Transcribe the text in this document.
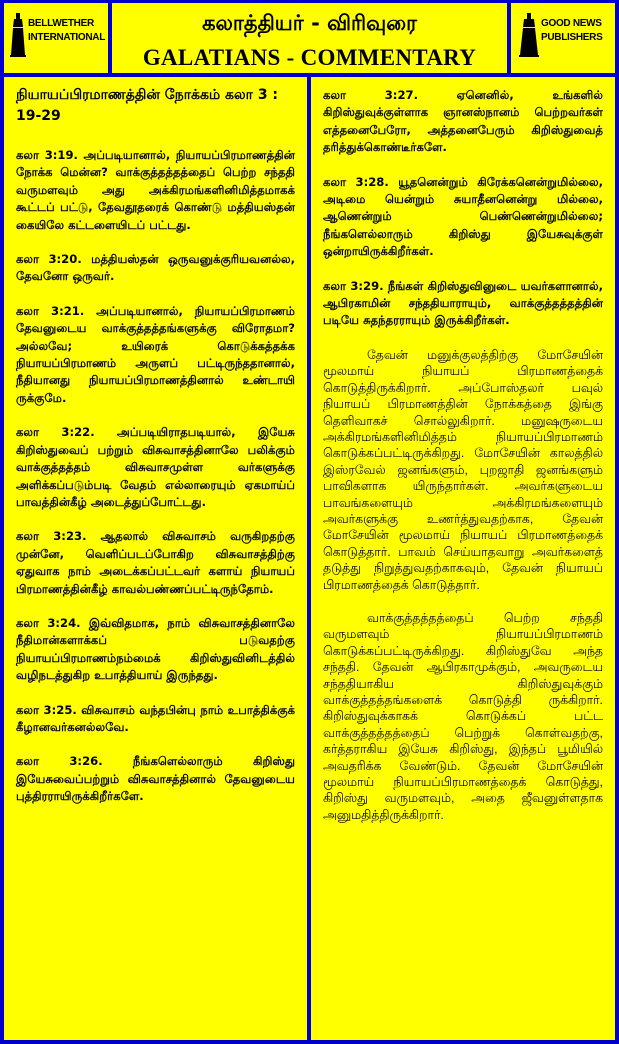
BELLWETHER INTERNATIONAL
கலாத்தியர் - விரிவுரை
GALATIANS - COMMENTARY
GOOD NEWS PUBLISHERS
நியாயப்பிரமாணத்தின் நோக்கம் கலா 3 : 19-29

கலா 3:19. அப்படியானால், நியாயப்பிரமாணத்தின் நோக்க மென்ன? வாக்குத்தத்தத்தைப் பெற்ற சந்ததி வருமளவும் அது அக்கிரமங்களினிமித்தமாகக் கூட்டப் பட்டு, தேவதூதரைக் கொண்டு மத்தியஸ்தன் கையிலே கட்டளையிடப் பட்டது.

கலா 3:20. மத்தியஸ்தன் ஒருவனுக்குரியவனல்ல, தேவனோ ஒருவர்.

கலா 3:21. அப்படியானால், நியாயப்பிரமாணம் தேவனுடைய வாக்குத்தத்தங்களுக்கு விரோதமா? அல்லவே; உயிரைக் கொடுக்கத்தக்க நியாயப்பிரமாணம் அருளப் பட்டிருந்ததானால், நீதியானது நியாயப்பிரமாணத்தினால் உண்டாயி ருக்குமே.

கலா 3:22. அப்படியிராதபடியால், இயேசு கிறிஸ்துவைப் பற்றும் விசுவாசத்தினாலே பலிக்கும் வாக்குத்தத்தம் விசுவாசமுள்ள வர்களுக்கு அளிக்கப்படும்படி வேதம் எல்லாரையும் ஏகமாய்ப் பாவத்தின்கீழ் அடைத்துப்போட்டது.

கலா 3:23. ஆதலால் விசுவாசம் வருகிறதற்கு முன்னே, வெளிப்படப்போகிற விசுவாசத்திற்கு ஏதுவாக நாம் அடைக்கப்பட்டவர் களாய் நியாயப் பிரமாணத்தின்கீழ் காவல்பண்ணப்பட்டிருந்தோம்.

கலா 3:24. இவ்விதமாக, நாம் விசுவாசத்தினாலே நீதிமான்களாக்கப் படுவதற்கு நியாயப்பிரமாணம்நம்மைக் கிறிஸ்துவினிடத்தில் வழிநடத்துகிற உபாத்தியாய் இருந்தது.

கலா 3:25. விசுவாசம் வந்தபின்பு நாம் உபாத்திக்குக் கீழானவர்கனல்லவே.

கலா 3:26. நீங்களெல்லாரும் கிறிஸ்து இயேசுவைப்பற்றும் விசுவாசத்தினால் தேவனுடைய புத்திரராயிருக்கிறீர்களே.

கலா 3:27. ஏனெனில், உங்களில் கிறிஸ்துவுக்குள்ளாக ஞானஸ்நானம் பெற்றவர்கள் எத்தனைபேரோ, அத்தனைபேரும் கிறிஸ்துவைத் தரித்துக்கொண்டீர்களே.

கலா 3:28. யூதனென்றும் கிரேக்கனென்றுமில்லை, அடிமை யென்றும் சுயாதீனனென்று மில்லை, ஆணென்றும் பெண்ணென்றுமில்லை; நீங்களெல்லாரும் கிறிஸ்து இயேசுவுக்குள் ஒன்றாயிருக்கிறீர்கள்.

கலா 3:29. நீங்கள் கிறிஸ்துவினுடை யவர்களானால், ஆபிரகாமின் சந்ததியாராயும், வாக்குத்தத்தத்தின் படியே சுதந்தரராயும் இருக்கிறீர்கள்.

தேவன் மனுக்குலத்திற்கு மோசேயின் மூலமாய் நியாயப் பிரமாணத்தைக் கொடுத்திருக்கிறார். அப்போஸ்தலர் பவுல் நியாயப் பிரமாணத்தின் நோக்கத்தை இங்கு தெளிவாகச் சொல்லுகிறார். மனுஷருடைய அக்கிரமங்களினிமித்தம் நியாயப்பிரமாணம் கொடுக்கப்பட்டிருக்கிறது. மோசேயின் காலத்தில் இஸ்ரவேல் ஜனங்களும், புறஜாதி ஜனங்களும் பாவிகளாக யிருந்தார்கள். அவர்களுடைய பாவங்களையும் அக்கிரமங்களையும் அவர்களுக்கு உணர்த்துவதற்காக, தேவன் மோசேயின் மூலமாய் நியாயப் பிரமாணத்தைக் கொடுத்தார். பாவம் செய்யாதவாறு அவர்களைத் தடுத்து நிறுத்துவதற்காகவும், தேவன் நியாயப் பிரமாணத்தைக் கொடுத்தார்.

வாக்குத்தத்தத்தைப் பெற்ற சந்ததி வருமளவும் நியாயப்பிரமாணம் கொடுக்கப்பட்டிருக்கிறது. கிறிஸ்துவே அந்த சந்ததி. தேவன் ஆபிரகாமுக்கும், அவருடைய சந்ததியாகிய கிறிஸ்துவுக்கும் வாக்குத்தத்தங்களைக் கொடுத்தி ருக்கிறார். கிறிஸ்துவுக்காகக் கொடுக்கப் பட்ட வாக்குத்தத்தத்தைப் பெற்றுக் கொள்வதற்கு, கர்த்தராகிய இயேசு கிறிஸ்து, இந்தப் பூமியில் அவதரிக்க வேண்டும். தேவன் மோசேயின் மூலமாய் நியாயப்பிரமாணத்தைக் கொடுத்து, கிறிஸ்து வருமளவும், அதை ஜீவனுள்ளதாக அனுமதித்திருக்கிறார்.
